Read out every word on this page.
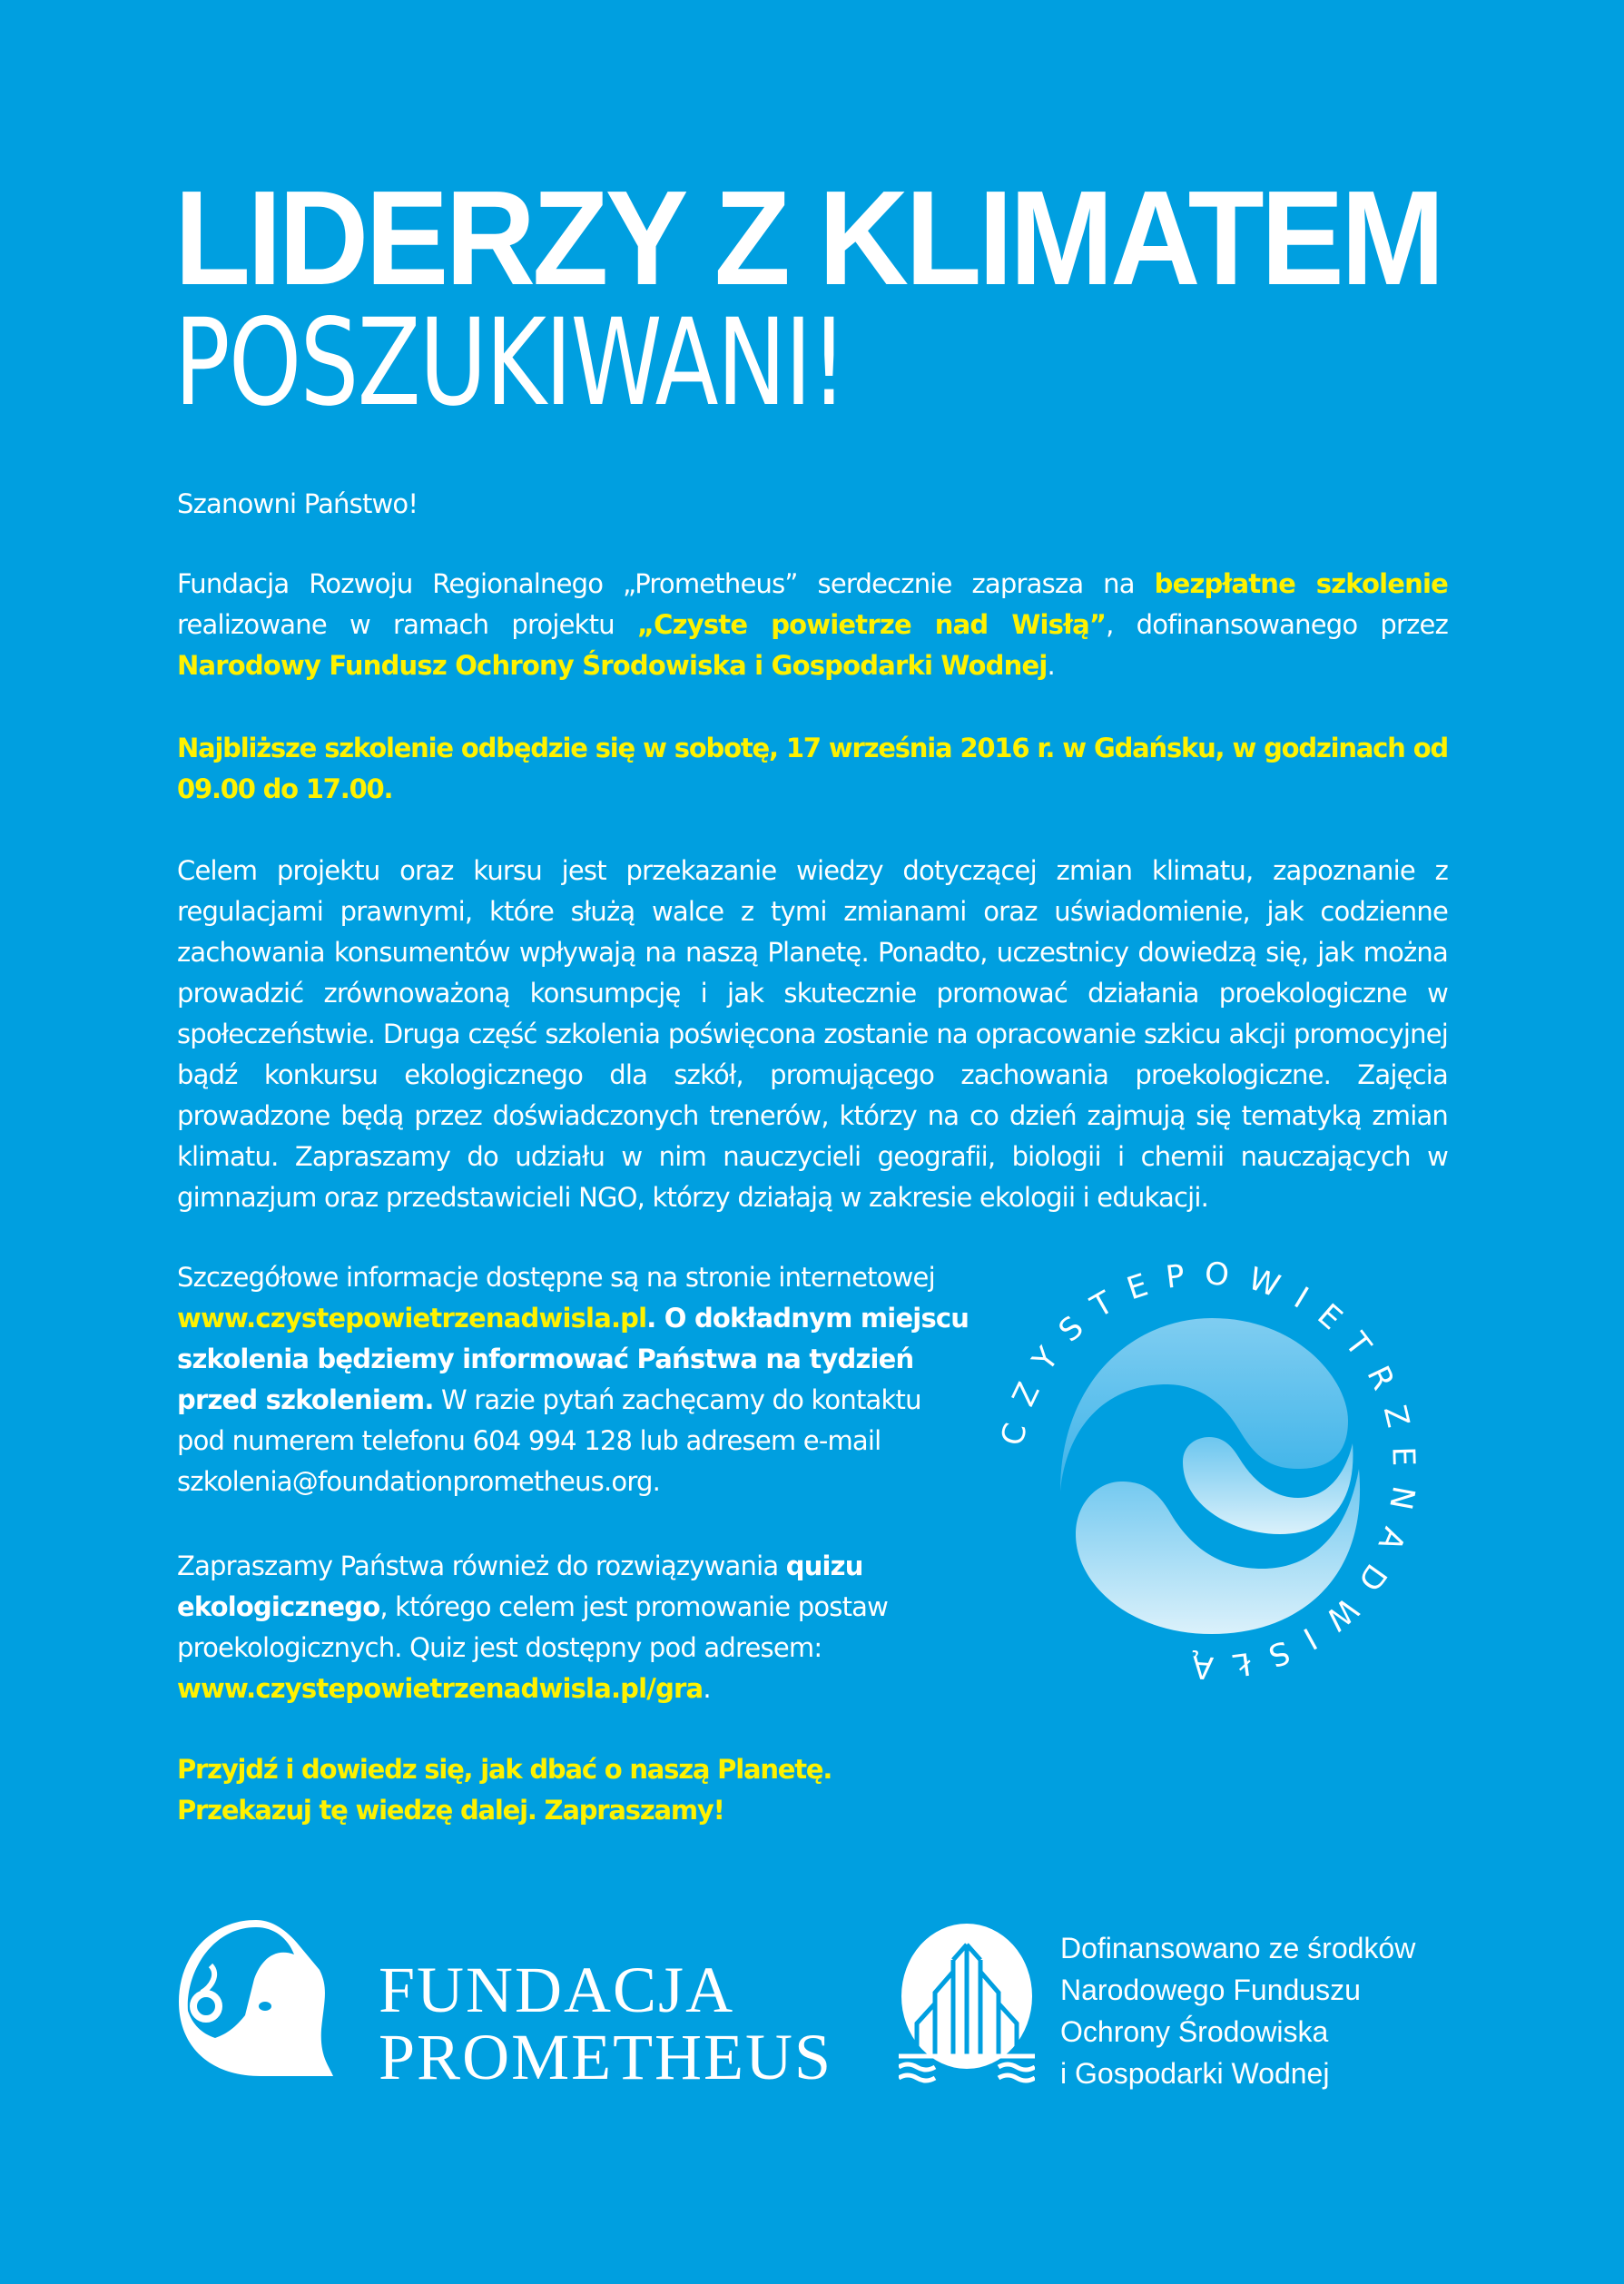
LIDERZY Z KLIMATEM
POSZUKIWANI!

Szanowni Państwo!

Fundacja Rozwoju Regionalnego „Prometheus” serdecznie zaprasza na bezpłatne szkolenie realizowane w ramach projektu „Czyste powietrze nad Wisłą”, dofinansowanego przez Narodowy Fundusz Ochrony Środowiska i Gospodarki Wodnej.

Najbliższe szkolenie odbędzie się w sobotę, 17 września 2016 r. w Gdańsku, w godzinach od 09.00 do 17.00.

Celem projektu oraz kursu jest przekazanie wiedzy dotyczącej zmian klimatu, zapoznanie z regulacjami prawnymi, które służą walce z tymi zmianami oraz uświadomienie, jak codzienne zachowania konsumentów wpływają na naszą Planetę. Ponadto, uczestnicy dowiedzą się, jak można prowadzić zrównoważoną konsumpcję i jak skutecznie promować działania proekologiczne w społeczeństwie. Druga część szkolenia poświęcona zostanie na opracowanie szkicu akcji promocyjnej bądź konkursu ekologicznego dla szkół, promującego zachowania proekologiczne. Zajęcia prowadzone będą przez doświadczonych trenerów, którzy na co dzień zajmują się tematyką zmian klimatu. Zapraszamy do udziału w nim nauczycieli geografii, biologii i chemii nauczających w gimnazjum oraz przedstawicieli NGO, którzy działają w zakresie ekologii i edukacji.

Szczegółowe informacje dostępne są na stronie internetowej www.czystepowietrzenadwisla.pl. O dokładnym miejscu szkolenia będziemy informować Państwa na tydzień przed szkoleniem. W razie pytań zachęcamy do kontaktu pod numerem telefonu 604 994 128 lub adresem e-mail szkolenia@foundationprometheus.org.

Zapraszamy Państwa również do rozwiązywania quizu ekologicznego, którego celem jest promowanie postaw proekologicznych. Quiz jest dostępny pod adresem: www.czystepowietrzenadwisla.pl/gra.

Przyjdź i dowiedz się, jak dbać o naszą Planetę.
Przekazuj tę wiedzę dalej. Zapraszamy!

CZYSTEPOWIETRZENADWISŁĄ

FUNDACJA
PROMETHEUS

Dofinansowano ze środków
Narodowego Funduszu
Ochrony Środowiska
i Gospodarki Wodnej
